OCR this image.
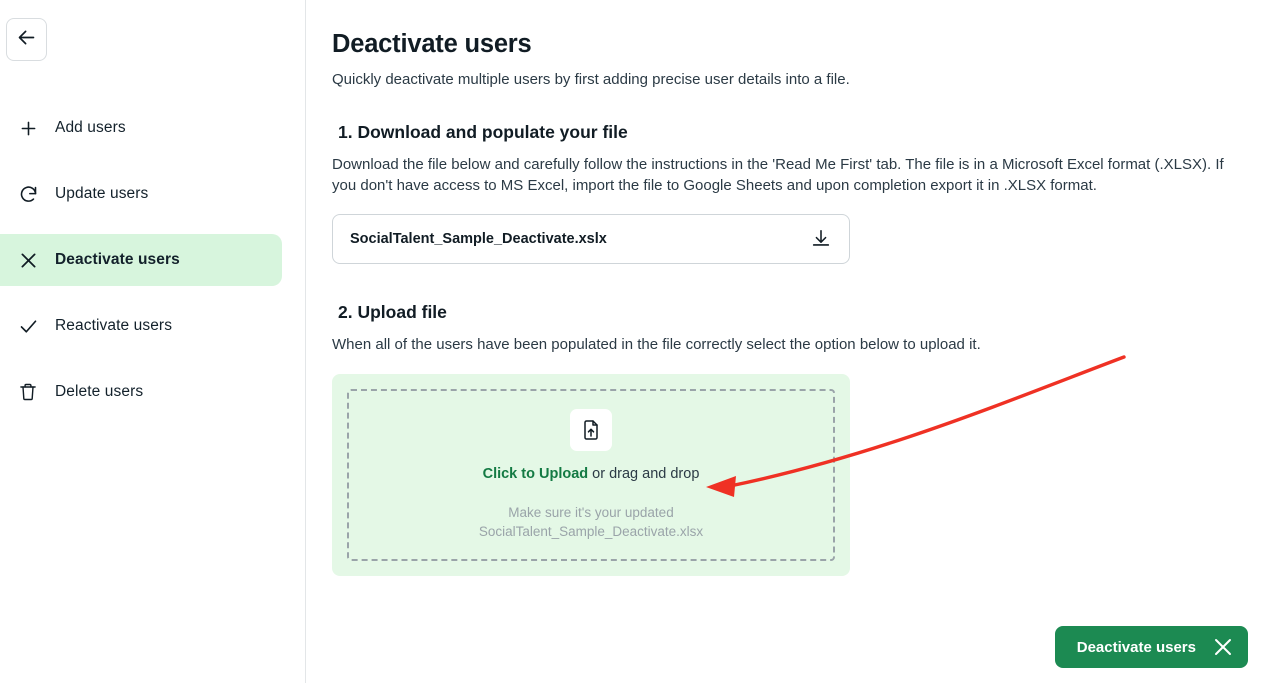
Add users
Update users
Deactivate users
Reactivate users
Delete users
Deactivate users
Quickly deactivate multiple users by first adding precise user details into a file.
1. Download and populate your file
Download the file below and carefully follow the instructions in the 'Read Me First' tab. The file is in a Microsoft Excel format (.XLSX). If you don't have access to MS Excel, import the file to Google Sheets and upon completion export it in .XLSX format.
SocialTalent_Sample_Deactivate.xslx
2. Upload file
When all of the users have been populated in the file correctly select the option below to upload it.
Click to Upload or drag and drop
Make sure it's your updated
SocialTalent_Sample_Deactivate.xlsx
Deactivate users
